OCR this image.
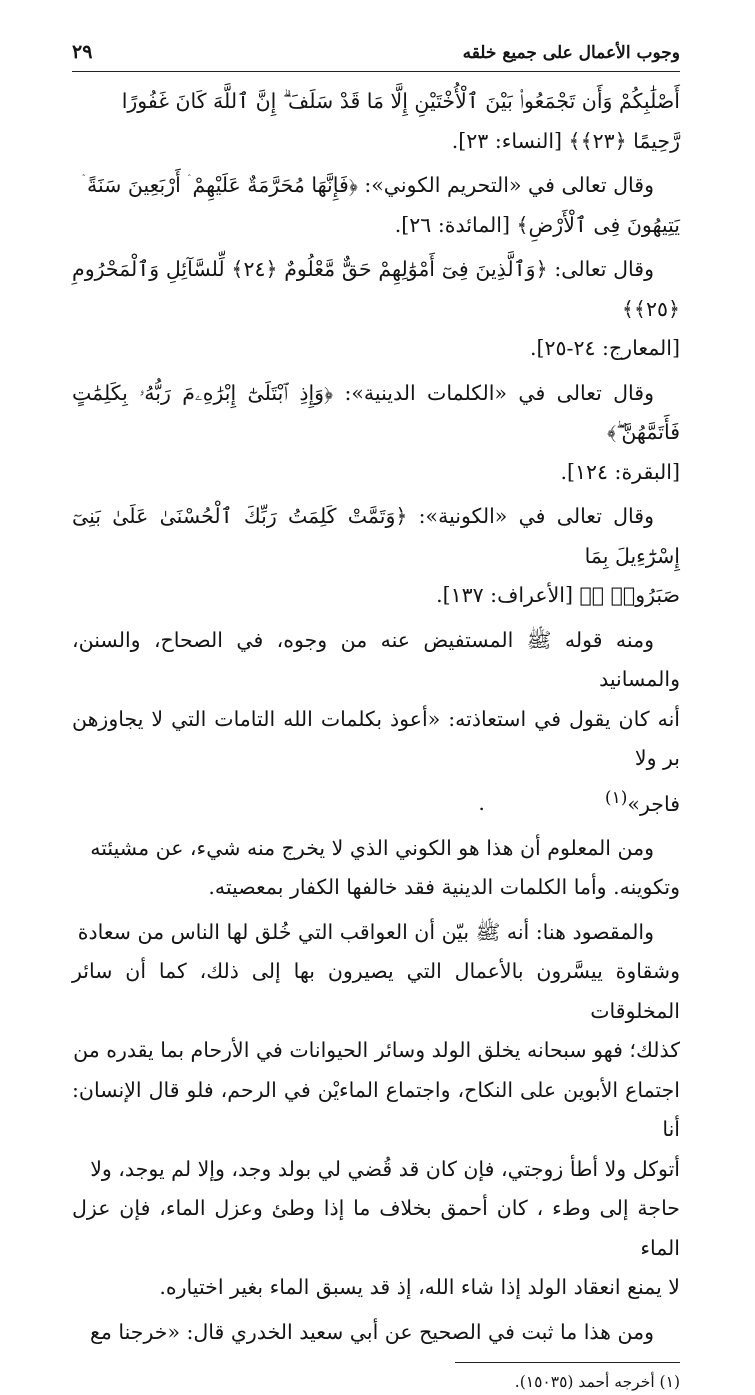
وجوب الأعمال على جميع خلقه
٢٩

أَصْلَٰبِكُمْ وَأَن تَجْمَعُوا۟ بَيْنَ ٱلْأُخْتَيْنِ إِلَّا مَا قَدْ سَلَفَ ۗ إِنَّ ٱللَّهَ كَانَ غَفُورًا

رَّحِيمًا ﴿٢٣﴾﴾ [النساء: ٢٣].

وقال تعالى في «التحريم الكوني»: ﴿فَإِنَّهَا مُحَرَّمَةٌ عَلَيْهِمْ ۛ أَرْبَعِينَ سَنَةً ۛ

يَتِيهُونَ فِى ٱلْأَرْضِ﴾ [المائدة: ٢٦].

وقال تعالى: ﴿وَٱلَّذِينَ فِىٓ أَمْوَٰلِهِمْ حَقٌّ مَّعْلُومٌ ﴿٢٤﴾ لِّلسَّآئِلِ وَٱلْمَحْرُومِ ﴿٢٥﴾﴾

[المعارج: ٢٤-٢٥].

وقال تعالى في «الكلمات الدينية»: ﴿وَإِذِ ٱبْتَلَىٰٓ إِبْرَٰهِۦمَ رَبُّهُۥ بِكَلِمَٰتٍ فَأَتَمَّهُنَّ ۖ﴾

[البقرة: ١٢٤].

وقال تعالى في «الكونية»: ﴿وَتَمَّتْ كَلِمَتُ رَبِّكَ ٱلْحُسْنَىٰ عَلَىٰ بَنِىٓ إِسْرَٰٓءِيلَ بِمَا

صَبَرُوا۟ ۖ﴾ [الأعراف: ١٣٧].

ومنه قوله ﷺ المستفيض عنه من وجوه، في الصحاح، والسنن، والمسانيد

أنه كان يقول في استعاذته: «أعوذ بكلمات الله التامات التي لا يجاوزهن بر ولا

فاجر»$^{(١)}$.

ومن المعلوم أن هذا هو الكوني الذي لا يخرج منه شيء، عن مشيئته

وتكوينه. وأما الكلمات الدينية فقد خالفها الكفار بمعصيته.

والمقصود هنا: أنه ﷺ بيّن أن العواقب التي خُلق لها الناس من سعادة

وشقاوة ييسَّرون بالأعمال التي يصيرون بها إلى ذلك، كما أن سائر المخلوقات

كذلك؛ فهو سبحانه يخلق الولد وسائر الحيوانات في الأرحام بما يقدره من

اجتماع الأبوين على النكاح، واجتماع الماءيْن في الرحم، فلو قال الإنسان: أنا

أتوكل ولا أطأ زوجتي، فإن كان قد قُضي لي بولد وجد، وإلا لم يوجد، ولا

حاجة إلى وطء ، كان أحمق بخلاف ما إذا وطئ وعزل الماء، فإن عزل الماء

لا يمنع انعقاد الولد إذا شاء الله، إذ قد يسبق الماء بغير اختياره.

ومن هذا ما ثبت في الصحيح عن أبي سعيد الخدري قال: «خرجنا مع

(١) أخرجه أحمد (١٥٠٣٥).
